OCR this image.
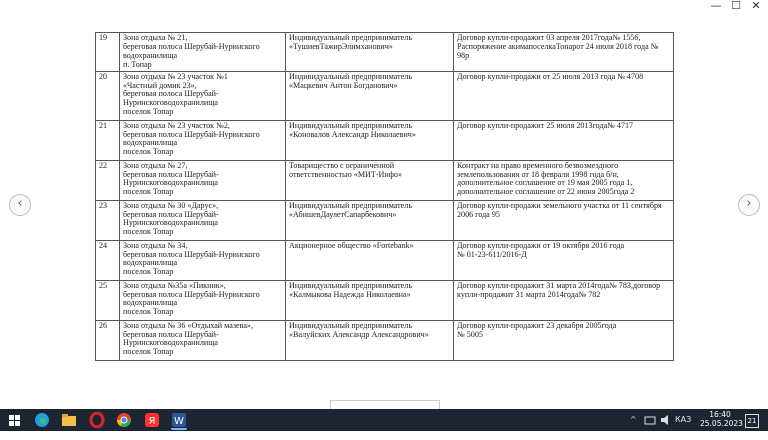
— ☐ ✕
19	Зона отдыха № 21,
береговая полоса Шерубай-Нуринского водохранилища
п. Топар	Индивидуальный предприниматель
«ТушиевТажирЭлимханович»	Договор купли-продажит 03 апреля 2017года№ 1556,
Распоряжение акимапоселкаТопарот 24 июля 2018 года № 98р
20	Зона отдыха № 23 участок №1
«Частный домик 23»,
береговая полоса Шерубай-Нуринскоговодохранилища
поселок Топар	Индивидуальный предприниматель
«Мацкевич Антон Богданович»	Договор купли-продажи от 25 июля 2013 года № 4708
21	Зона отдыха № 23 участок №2,
береговая полоса Шерубай-Нуринского водохранилища
поселок Топар	Индивидуальный предприниматель
«Коновалов Александр Николаевич»	Договор купли-продажит 25 июля 2013года№ 4717
22	Зона отдыха № 27,
береговая полоса Шерубай-Нуринскоговодохранилища
поселок Топар	Товарищество с ограниченной ответственностью «МИТ-Инфо»	Контракт на право временного безвозмездного землепользования от 18 февраля 1998 года б/н,
дополнительное соглашение от 19 мая 2005 года 1,
дополнительное соглашение от 22 июня 2005года 2
23	Зона отдыха № 30 «Дарус»,
береговая полоса Шерубай-Нуринскоговодохранилища
поселок Топар	Индивидуальный предприниматель
«АбишевДаулетСапарбекович»	Договор купли-продажи земельного участка от 11 сентября 2006 года 95
24	Зона отдыха № 34,
береговая полоса Шерубай-Нуринского водохранилища
поселок Топар	Акционерное общество «Fortebank»	Договор купли-продажи от 19 октября 2016 года
№ 01-23-611/2016-Д
25	Зона отдыха №35а «Пикник»,
береговая полоса Шерубай-Нуринского водохранилища
поселок Топар	Индивидуальный предприниматель
«Калмыкова Надежда Николаевна»	Договор купли-продажит 31 марта 2014года№ 783,договор купли-продажит 31 марта 2014года№ 782
26	Зона отдыха № 36 «Отдыхай мазева»,
береговая полоса Шерубай-Нуринскоговодохранилища
поселок Топар	Индивидуальный предприниматель
«Валуйских Александр Александрович»	Договор купли-продажит 23 декабря 2005года
№ 5005
‹	›
Я W	^	КАЗ
16:40
25.05.2023 21
